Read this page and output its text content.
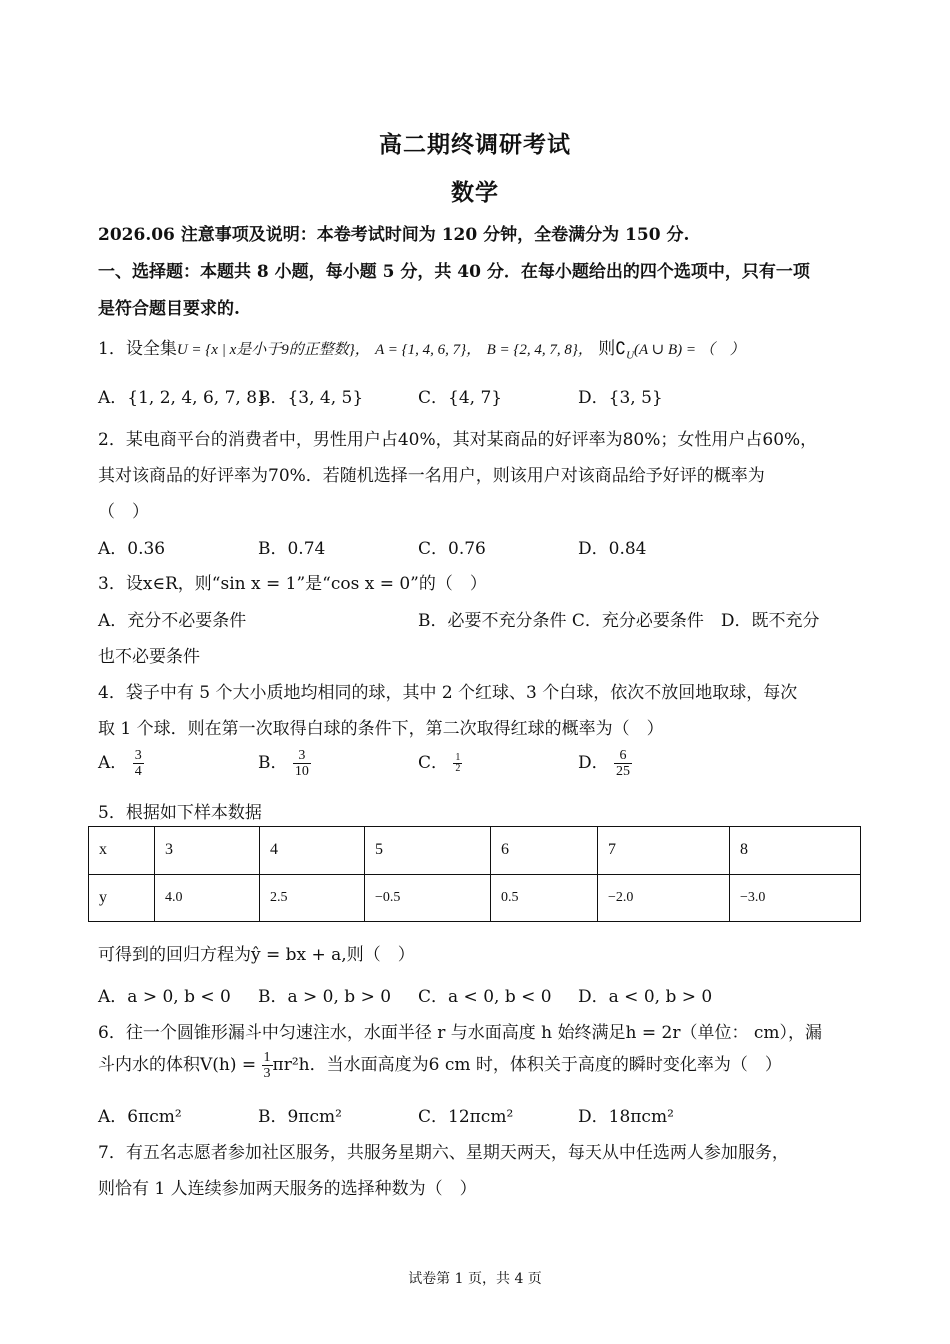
高二期终调研考试
数学
2026.06 注意事项及说明：本卷考试时间为 120 分钟，全卷满分为 150 分.
一、选择题：本题共 8 小题，每小题 5 分，共 40 分．在每小题给出的四个选项中，只有一项
是符合题目要求的.
1．设全集U = {x | x是小于9的正整数}， A = {1, 4, 6, 7}， B = {2, 4, 7, 8}， 则$∁_U(A$ ∪ B) = （　）
A．{1, 2, 4, 6, 7, 8}
B．{3, 4, 5}	C．{4, 7}	D．{3, 5}
2．某电商平台的消费者中，男性用户占40%，其对某商品的好评率为80%；女性用户占60%，
其对该商品的好评率为70%．若随机选择一名用户，则该用户对该商品给予好评的概率为
（　）
A．0.36	B．0.74	C．0.76	D．0.84
3．设x∈R，则“sin x = 1”是“cos x = 0”的（　）
A．充分不必要条件	B．必要不充分条件 C．充分必要条件　D．既不充分
也不必要条件
4．袋子中有 5 个大小质地均相同的球，其中 2 个红球、3 个白球，依次不放回地取球，每次
取 1 个球．则在第一次取得白球的条件下，第二次取得红球的概率为（　）
A． $\frac{3}{4}$	B． $\frac{3}{10}$	C． $\frac{1}{2}$	D． $\frac{6}{25}$
5．根据如下样本数据
x	3	4	5	6	7	8
y	4.0	2.5	−0.5	0.5	−2.0	−3.0
可得到的回归方程为ŷ = bx + a,则（　）
A．a > 0, b < 0 B．a > 0, b > 0 C．a < 0, b < 0 D．a < 0, b > 0
6．往一个圆锥形漏斗中匀速注水，水面半径 r 与水面高度 h 始终满足h = 2r（单位： cm），漏
斗内水的体积$V(h) = \frac{1}{3} \pi r^2h$．当水面高度为6 cm 时，体积关于高度的瞬时变化率为（　）
A．6πcm²	B．9πcm²	C．12πcm²	D．18πcm²
7．有五名志愿者参加社区服务，共服务星期六、星期天两天，每天从中任选两人参加服务，
则恰有 1 人连续参加两天服务的选择种数为（　）
试卷第 1 页，共 4 页
